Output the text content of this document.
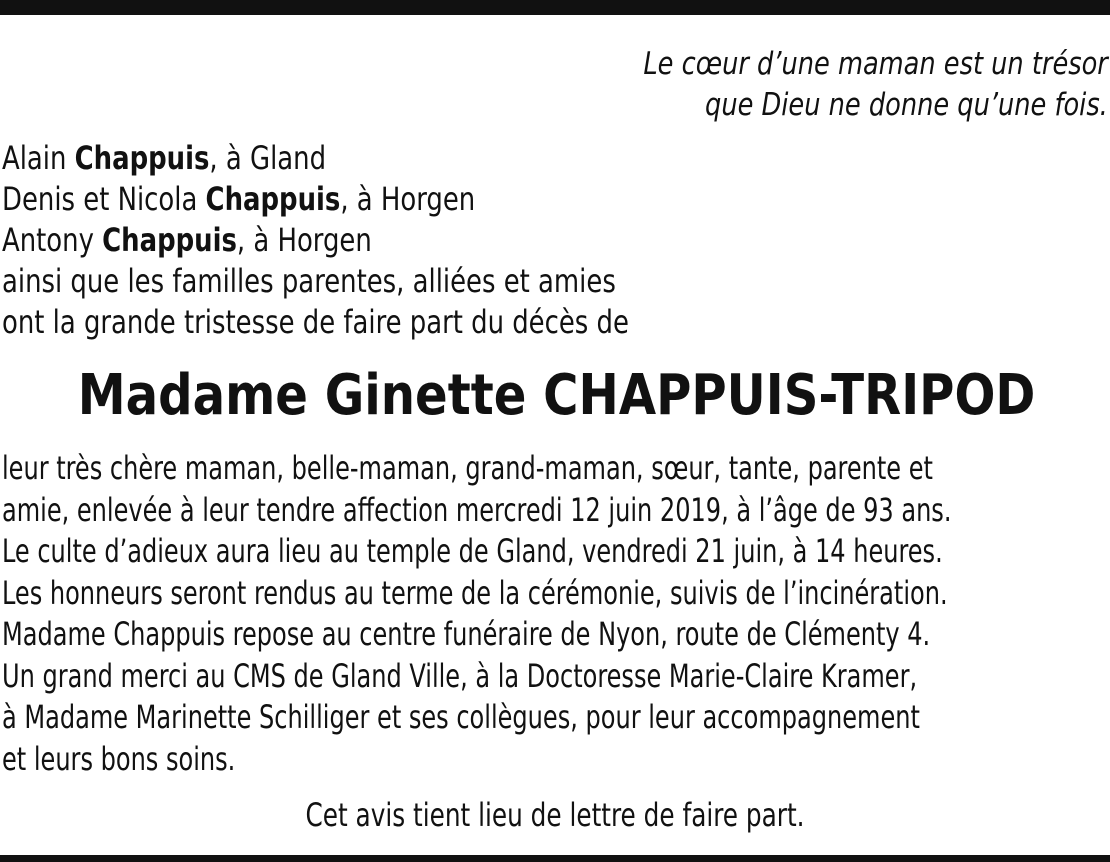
Le cœur d’une maman est un trésor
que Dieu ne donne qu’une fois.
Alain Chappuis, à Gland
Denis et Nicola Chappuis, à Horgen
Antony Chappuis, à Horgen
ainsi que les familles parentes, alliées et amies
ont la grande tristesse de faire part du décès de
Madame Ginette CHAPPUIS-TRIPOD
leur très chère maman, belle-maman, grand-maman, sœur, tante, parente et
amie, enlevée à leur tendre affection mercredi 12 juin 2019, à l’âge de 93 ans.
Le culte d’adieux aura lieu au temple de Gland, vendredi 21 juin, à 14 heures.
Les honneurs seront rendus au terme de la cérémonie, suivis de l’incinération.
Madame Chappuis repose au centre funéraire de Nyon, route de Clémenty 4.
Un grand merci au CMS de Gland Ville, à la Doctoresse Marie-Claire Kramer,
à Madame Marinette Schilliger et ses collègues, pour leur accompagnement
et leurs bons soins.
Cet avis tient lieu de lettre de faire part.
